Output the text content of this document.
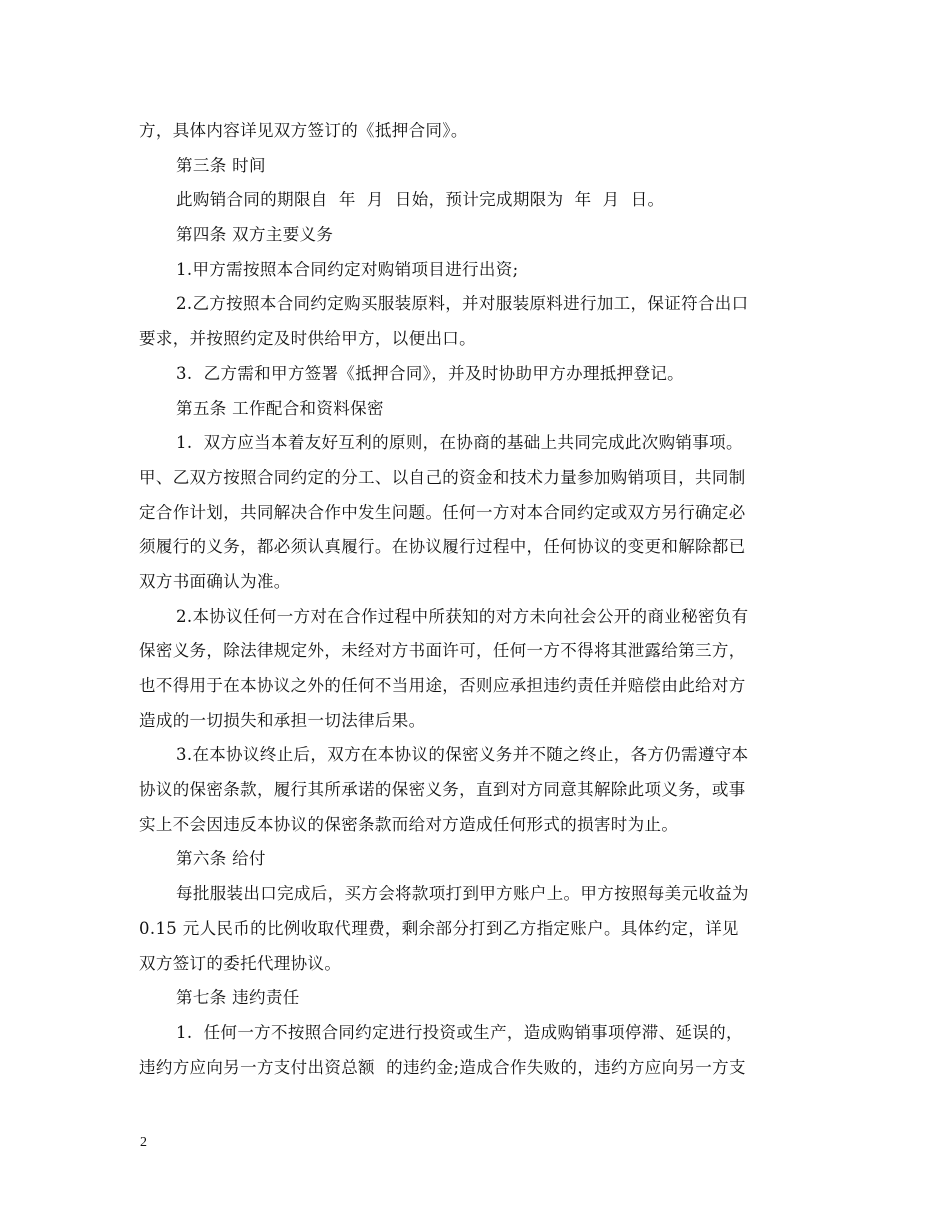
方，具体内容详见双方签订的《抵押合同》。
第三条 时间
此购销合同的期限自  年  月  日始，预计完成期限为  年  月  日。
第四条 双方主要义务
1.甲方需按照本合同约定对购销项目进行出资;
2.乙方按照本合同约定购买服装原料，并对服装原料进行加工，保证符合出口
要求，并按照约定及时供给甲方，以便出口。
3.  乙方需和甲方签署《抵押合同》，并及时协助甲方办理抵押登记。
第五条 工作配合和资料保密
1.  双方应当本着友好互利的原则，在协商的基础上共同完成此次购销事项。
甲、乙双方按照合同约定的分工、以自己的资金和技术力量参加购销项目，共同制
定合作计划，共同解决合作中发生问题。任何一方对本合同约定或双方另行确定必
须履行的义务，都必须认真履行。在协议履行过程中，任何协议的变更和解除都已
双方书面确认为准。
2.本协议任何一方对在合作过程中所获知的对方未向社会公开的商业秘密负有
保密义务，除法律规定外，未经对方书面许可，任何一方不得将其泄露给第三方，
也不得用于在本协议之外的任何不当用途，否则应承担违约责任并赔偿由此给对方
造成的一切损失和承担一切法律后果。
3.在本协议终止后，双方在本协议的保密义务并不随之终止，各方仍需遵守本
协议的保密条款，履行其所承诺的保密义务，直到对方同意其解除此项义务，或事
实上不会因违反本协议的保密条款而给对方造成任何形式的损害时为止。
第六条 给付
每批服装出口完成后，买方会将款项打到甲方账户上。甲方按照每美元收益为
0.15 元人民币的比例收取代理费，剩余部分打到乙方指定账户。具体约定，详见
双方签订的委托代理协议。
第七条 违约责任
1.  任何一方不按照合同约定进行投资或生产，造成购销事项停滞、延误的，
违约方应向另一方支付出资总额  的违约金;造成合作失败的，违约方应向另一方支
2
